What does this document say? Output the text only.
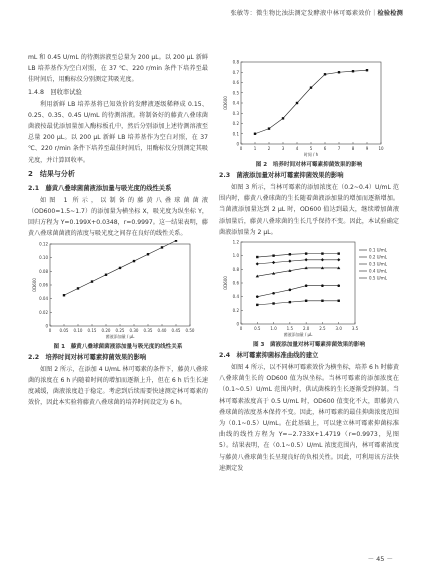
张敏等：微生物比浊法测定发酵液中林可霉素效价｜检验检测

mL 和 0.45 U/mL 的待测溶液至总量为 200 μL。以 200 μL 新鲜 LB 培养基作为空白对照，在 37 ℃、220 r/min 条件下培养至最佳时间后，用酶标仪分别测定其吸光度。

1.4.8　回收率试验

利用新鲜 LB 培养基将已知效价的发酵液逐级稀释成 0.15、0.25、0.35、0.45 U/mL 的待测溶液。将制备好的藤黄八叠球菌菌液按最优添加量加入酶标板孔中，然后分别添加上述待测溶液至总量 200 μL。以 200 μL 新鲜 LB 培养基作为空白对照，在 37 ℃、220 r/min 条件下培养至最佳时间后，用酶标仪分别测定其吸光度，并计算回收率。

2　结果与分析
2.1　藤黄八叠球菌菌液添加量与吸光度的线性关系

如图 1 所示，以制备的藤黄八叠球菌菌液（OD600=1.5~1.7）的添加量为横坐标 X，吸光度为纵坐标 Y，回归方程为 Y=0.199X+0.0348，r=0.9997。这一结果表明，藤黄八叠球菌菌液的浓度与吸光度之间存在良好的线性关系。

0 0.05 0.10 0.15 0.20 0.25 0.30 0.35 0.40 0.45 0.50
0
0.02
0.04
0.06
0.08
0.10
0.12
菌液添加量 / μL
OD600
图 1　藤黄八叠球菌菌液添加量与吸光度的线性关系
2.2　培养时间对林可霉素抑菌效果的影响

如图 2 所示，在添加 4 U/mL 林可霉素的条件下，藤黄八叠球菌的浓度在 6 h 内随着时间的增加而逐渐上升，但在 6 h 后生长速度减缓，菌液浓度趋于稳定。考虑到后续需要快速测定林可霉素的效价，因此本实验将藤黄八叠球菌的培养时间设定为 6 h。

0	1	2	3	4	5	6	7	8	9	10
0
0.1
0.2
0.3
0.4
0.5
0.6
0.7
0.8
时间 / h
OD600
图 2　培养时间对林可霉素抑菌效果的影响
2.3　菌液添加量对林可霉素抑菌效果的影响

如图 3 所示，当林可霉素的添加浓度在（0.2~0.4）U/mL 范围内时，藤黄八叠球菌的生长随着菌液添加量的增加而逐渐增加。当菌液添加量达到 2 μL 时，OD600 值达到最大，继续增加菌液添加量后，藤黄八叠球菌的生长几乎保持不变。因此，本试验确定菌液添加量为 2 μL。

0	0.5 1.0 1.5 2.0 2.5 3.0 3.5
0
0.2
0.4
0.6
0.8
1.0
1.2
菌液添加量 / μL
OD600
0.1 U/mL
0.2 U/mL
0.3 U/mL
0.4 U/mL
0.5 U/mL
图 3　菌液添加量对林可霉素抑菌效果的影响
2.4　林可霉素抑菌标准曲线的建立

如图 4 所示，以不同林可霉素效价为横坐标，培养 6 h 时藤黄八叠球菌生长的 OD600 值为纵坐标。当林可霉素的添加浓度在（0.1~0.5）U/mL 范围内时，供试菌株的生长逐渐受到抑制。当林可霉素浓度高于 0.5 U/mL 时，OD600 值变化不大，即藤黄八叠球菌的浓度基本保持不变。因此，林可霉素的最佳抑菌浓度范围为（0.1~0.5）U/mL。在此基础上，可以建立林可霉素抑菌标准曲线的线性方程为 Y=−2.733X+1.4719（r=0.9973，见图 5）。结果表明，在（0.1~0.5）U/mL 浓度范围内，林可霉素浓度与藤黄八叠球菌生长呈现良好的负相关性。因此，可利用该方法快速测定发

－ 45 －
